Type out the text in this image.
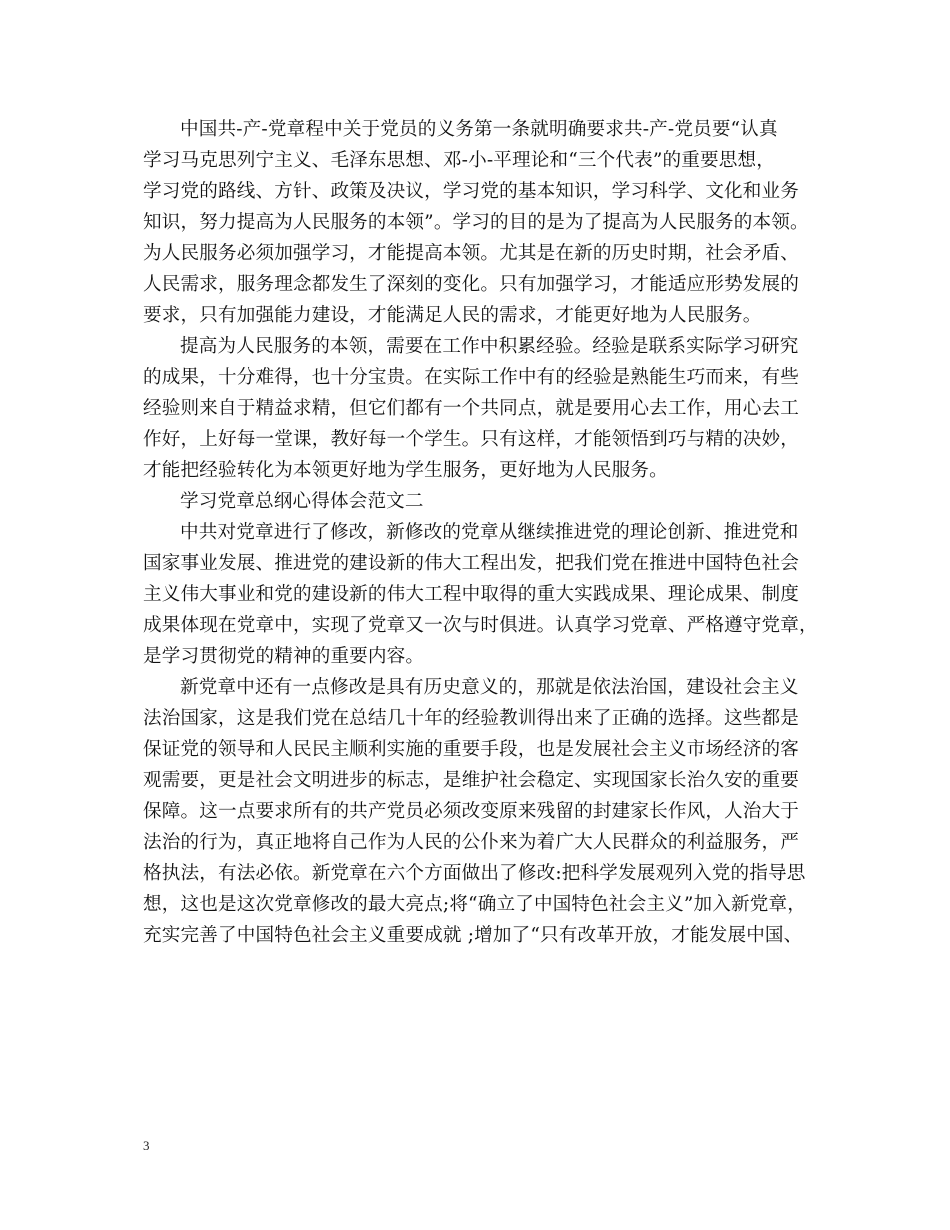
中国共-产-党章程中关于党员的义务第一条就明确要求共-产-党员要“认真
学习马克思列宁主义、毛泽东思想、邓-小-平理论和“三个代表”的重要思想，
学习党的路线、方针、政策及决议，学习党的基本知识，学习科学、文化和业务
知识，努力提高为人民服务的本领”。学习的目的是为了提高为人民服务的本领。
为人民服务必须加强学习，才能提高本领。尤其是在新的历史时期，社会矛盾、
人民需求，服务理念都发生了深刻的变化。只有加强学习，才能适应形势发展的
要求，只有加强能力建设，才能满足人民的需求，才能更好地为人民服务。
提高为人民服务的本领，需要在工作中积累经验。经验是联系实际学习研究
的成果，十分难得，也十分宝贵。在实际工作中有的经验是熟能生巧而来，有些
经验则来自于精益求精，但它们都有一个共同点，就是要用心去工作，用心去工
作好，上好每一堂课，教好每一个学生。只有这样，才能领悟到巧与精的决妙，
才能把经验转化为本领更好地为学生服务，更好地为人民服务。
学习党章总纲心得体会范文二
中共对党章进行了修改，新修改的党章从继续推进党的理论创新、推进党和
国家事业发展、推进党的建设新的伟大工程出发，把我们党在推进中国特色社会
主义伟大事业和党的建设新的伟大工程中取得的重大实践成果、理论成果、制度
成果体现在党章中，实现了党章又一次与时俱进。认真学习党章、严格遵守党章，
是学习贯彻党的精神的重要内容。
新党章中还有一点修改是具有历史意义的，那就是依法治国，建设社会主义
法治国家，这是我们党在总结几十年的经验教训得出来了正确的选择。这些都是
保证党的领导和人民民主顺利实施的重要手段，也是发展社会主义市场经济的客
观需要，更是社会文明进步的标志，是维护社会稳定、实现国家长治久安的重要
保障。这一点要求所有的共产党员必须改变原来残留的封建家长作风，人治大于
法治的行为，真正地将自己作为人民的公仆来为着广大人民群众的利益服务，严
格执法，有法必依。新党章在六个方面做出了修改:把科学发展观列入党的指导思
想，这也是这次党章修改的最大亮点;将“确立了中国特色社会主义”加入新党章，
充实完善了中国特色社会主义重要成就 ;增加了“只有改革开放，才能发展中国、
3
